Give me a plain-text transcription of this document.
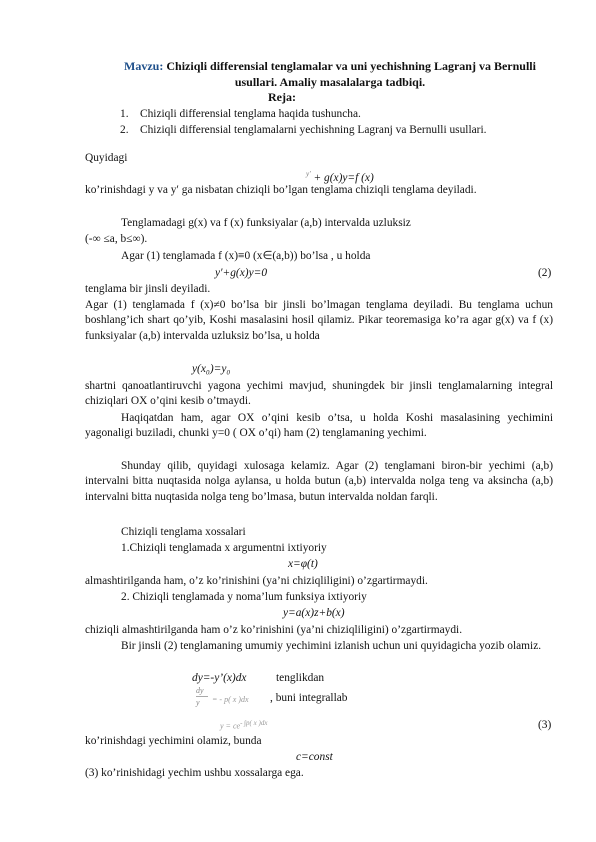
Mavzu: Chiziqli differensial tenglamalar va uni yechishning Lagranj va Bernulli usullari. Amaliy masalalarga tadbiqi.
Reja:
1.	Chiziqli differensial tenglama haqida tushuncha.
2.	Chiziqli differensial tenglamalarni yechishning Lagranj va Bernulli usullari.
Quyidagi
$^{y'}$ + g(x)y=f (x)
ko’rinishdagi y va y′ ga nisbatan chiziqli bo’lgan tenglama chiziqli tenglama deyiladi.
Tenglamadagi g(x) va f (x) funksiyalar (a,b) intervalda uzluksiz
(-∞ ≤a, b≤∞).
Agar (1) tenglamada f (x)≡0 (x∈(a,b)) bo’lsa , u holda
y′+g(x)y=0	(2)
tenglama bir jinsli deyiladi.
Agar (1) tenglamada f (x)≠0 bo’lsa bir jinsli bo’lmagan tenglama deyiladi. Bu tenglama uchun boshlang’ich shart qo’yib, Koshi masalasini hosil qilamiz. Pikar teoremasiga ko’ra agar g(x) va f (x) funksiyalar (a,b) intervalda uzluksiz bo’lsa, u holda
y(x₀)=y₀
shartni qanoatlantiruvchi yagona yechimi mavjud, shuningdek bir jinsli tenglamalarning integral chiziqlari OX o’qini kesib o’tmaydi.
Haqiqatdan ham, agar OX o’qini kesib o’tsa, u holda Koshi masalasining yechimini yagonaligi buziladi, chunki y=0 ( OX o’qi) ham (2) tenglamaning yechimi.
Shunday qilib, quyidagi xulosaga kelamiz. Agar (2) tenglamani biron-bir yechimi (a,b) intervalni bitta nuqtasida nolga aylansa, u holda butun (a,b) intervalda nolga teng va aksincha (a,b) intervalni bitta nuqtasida nolga teng bo’lmasa, butun intervalda noldan farqli.
Chiziqli tenglama xossalari
1.Chiziqli tenglamada x argumentni ixtiyoriy
x=φ(t)
almashtirilganda ham, o’z ko’rinishini (ya’ni chiziqliligini) o’zgartirmaydi.
2. Chiziqli tenglamada y noma’lum funksiya ixtiyoriy
y=a(x)z+b(x)
chiziqli almashtirilganda ham o’z ko’rinishini (ya’ni chiziqliligini) o’zgartirmaydi.
Bir jinsli (2) tenglamaning umumiy yechimini izlanish uchun uni quyidagicha yozib olamiz.
dy=-y’(x)dx	tenglikdan
dy
y	= - p( x )dx , buni integrallab
y = ce- ∫p( x )dx	(3)
ko’rinishdagi yechimini olamiz, bunda
c=const
(3) ko’rinishidagi yechim ushbu xossalarga ega.
